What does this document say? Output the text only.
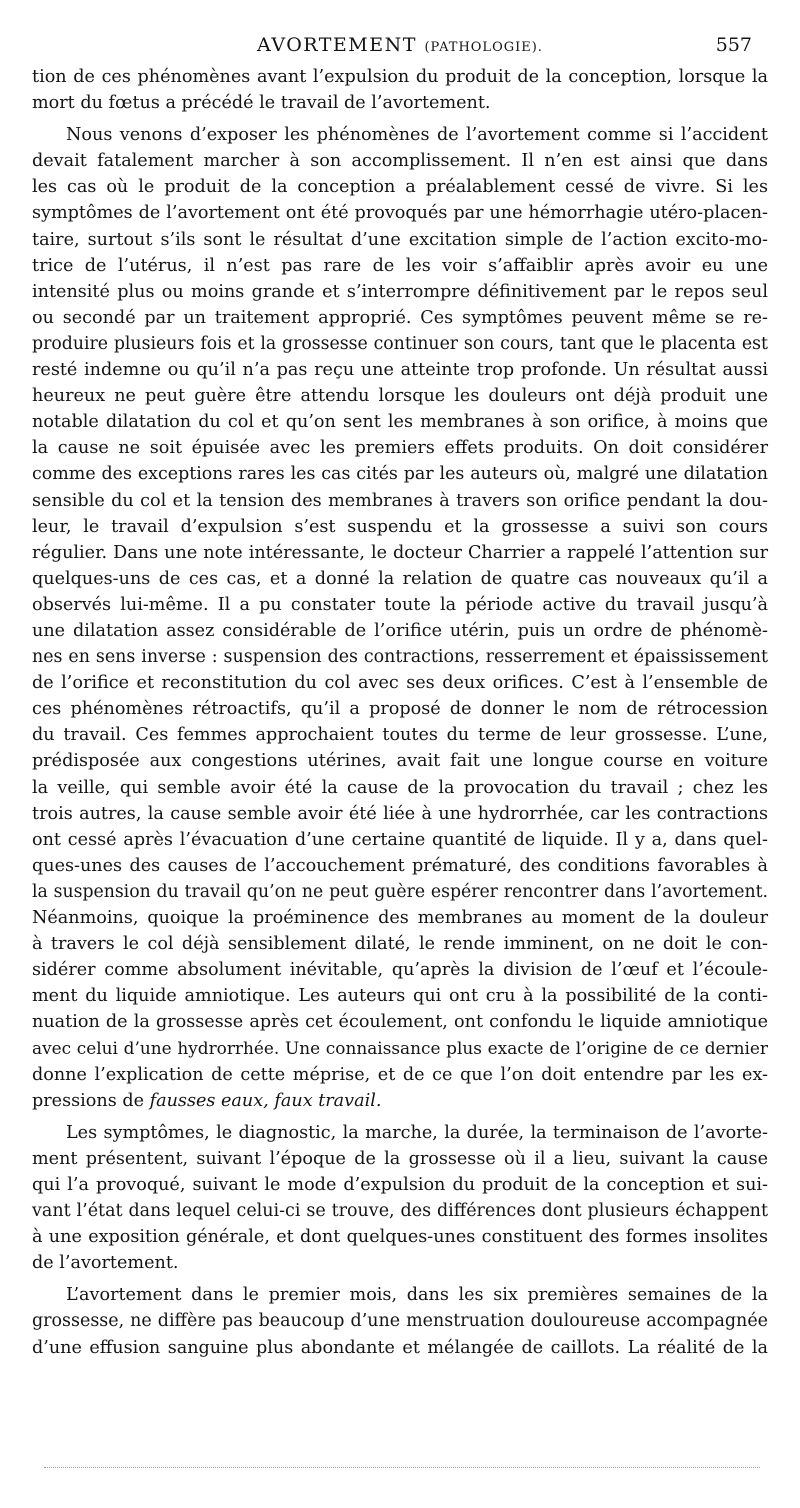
AVORTEMENT (PATHOLOGIE).	557
tion de ces phénomènes avant l’expulsion du produit de la conception, lorsque la
mort du fœtus a précédé le travail de l’avortement.
Nous venons d’exposer les phénomènes de l’avortement comme si l’accident
devait fatalement marcher à son accomplissement. Il n’en est ainsi que dans
les cas où le produit de la conception a préalablement cessé de vivre. Si les
symptômes de l’avortement ont été provoqués par une hémorrhagie utéro-placen-
taire, surtout s’ils sont le résultat d’une excitation simple de l’action excito-mo-
trice de l’utérus, il n’est pas rare de les voir s’affaiblir après avoir eu une
intensité plus ou moins grande et s’interrompre définitivement par le repos seul
ou secondé par un traitement approprié. Ces symptômes peuvent même se re-
produire plusieurs fois et la grossesse continuer son cours, tant que le placenta est
resté indemne ou qu’il n’a pas reçu une atteinte trop profonde. Un résultat aussi
heureux ne peut guère être attendu lorsque les douleurs ont déjà produit une
notable dilatation du col et qu’on sent les membranes à son orifice, à moins que
la cause ne soit épuisée avec les premiers effets produits. On doit considérer
comme des exceptions rares les cas cités par les auteurs où, malgré une dilatation
sensible du col et la tension des membranes à travers son orifice pendant la dou-
leur, le travail d’expulsion s’est suspendu et la grossesse a suivi son cours
régulier. Dans une note intéressante, le docteur Charrier a rappelé l’attention sur
quelques-uns de ces cas, et a donné la relation de quatre cas nouveaux qu’il a
observés lui-même. Il a pu constater toute la période active du travail jusqu’à
une dilatation assez considérable de l’orifice utérin, puis un ordre de phénomè-
nes en sens inverse : suspension des contractions, resserrement et épaississement
de l’orifice et reconstitution du col avec ses deux orifices. C’est à l’ensemble de
ces phénomènes rétroactifs, qu’il a proposé de donner le nom de rétrocession
du travail. Ces femmes approchaient toutes du terme de leur grossesse. L’une,
prédisposée aux congestions utérines, avait fait une longue course en voiture
la veille, qui semble avoir été la cause de la provocation du travail ; chez les
trois autres, la cause semble avoir été liée à une hydrorrhée, car les contractions
ont cessé après l’évacuation d’une certaine quantité de liquide. Il y a, dans quel-
ques-unes des causes de l’accouchement prématuré, des conditions favorables à
la suspension du travail qu’on ne peut guère espérer rencontrer dans l’avortement.
Néanmoins, quoique la proéminence des membranes au moment de la douleur
à travers le col déjà sensiblement dilaté, le rende imminent, on ne doit le con-
sidérer comme absolument inévitable, qu’après la division de l’œuf et l’écoule-
ment du liquide amniotique. Les auteurs qui ont cru à la possibilité de la conti-
nuation de la grossesse après cet écoulement, ont confondu le liquide amniotique
avec celui d’une hydrorrhée. Une connaissance plus exacte de l’origine de ce dernier
donne l’explication de cette méprise, et de ce que l’on doit entendre par les ex-
pressions de fausses eaux, faux travail.
Les symptômes, le diagnostic, la marche, la durée, la terminaison de l’avorte-
ment présentent, suivant l’époque de la grossesse où il a lieu, suivant la cause
qui l’a provoqué, suivant le mode d’expulsion du produit de la conception et sui-
vant l’état dans lequel celui-ci se trouve, des différences dont plusieurs échappent
à une exposition générale, et dont quelques-unes constituent des formes insolites
de l’avortement.
L’avortement dans le premier mois, dans les six premières semaines de la
grossesse, ne diffère pas beaucoup d’une menstruation douloureuse accompagnée
d’une effusion sanguine plus abondante et mélangée de caillots. La réalité de la
